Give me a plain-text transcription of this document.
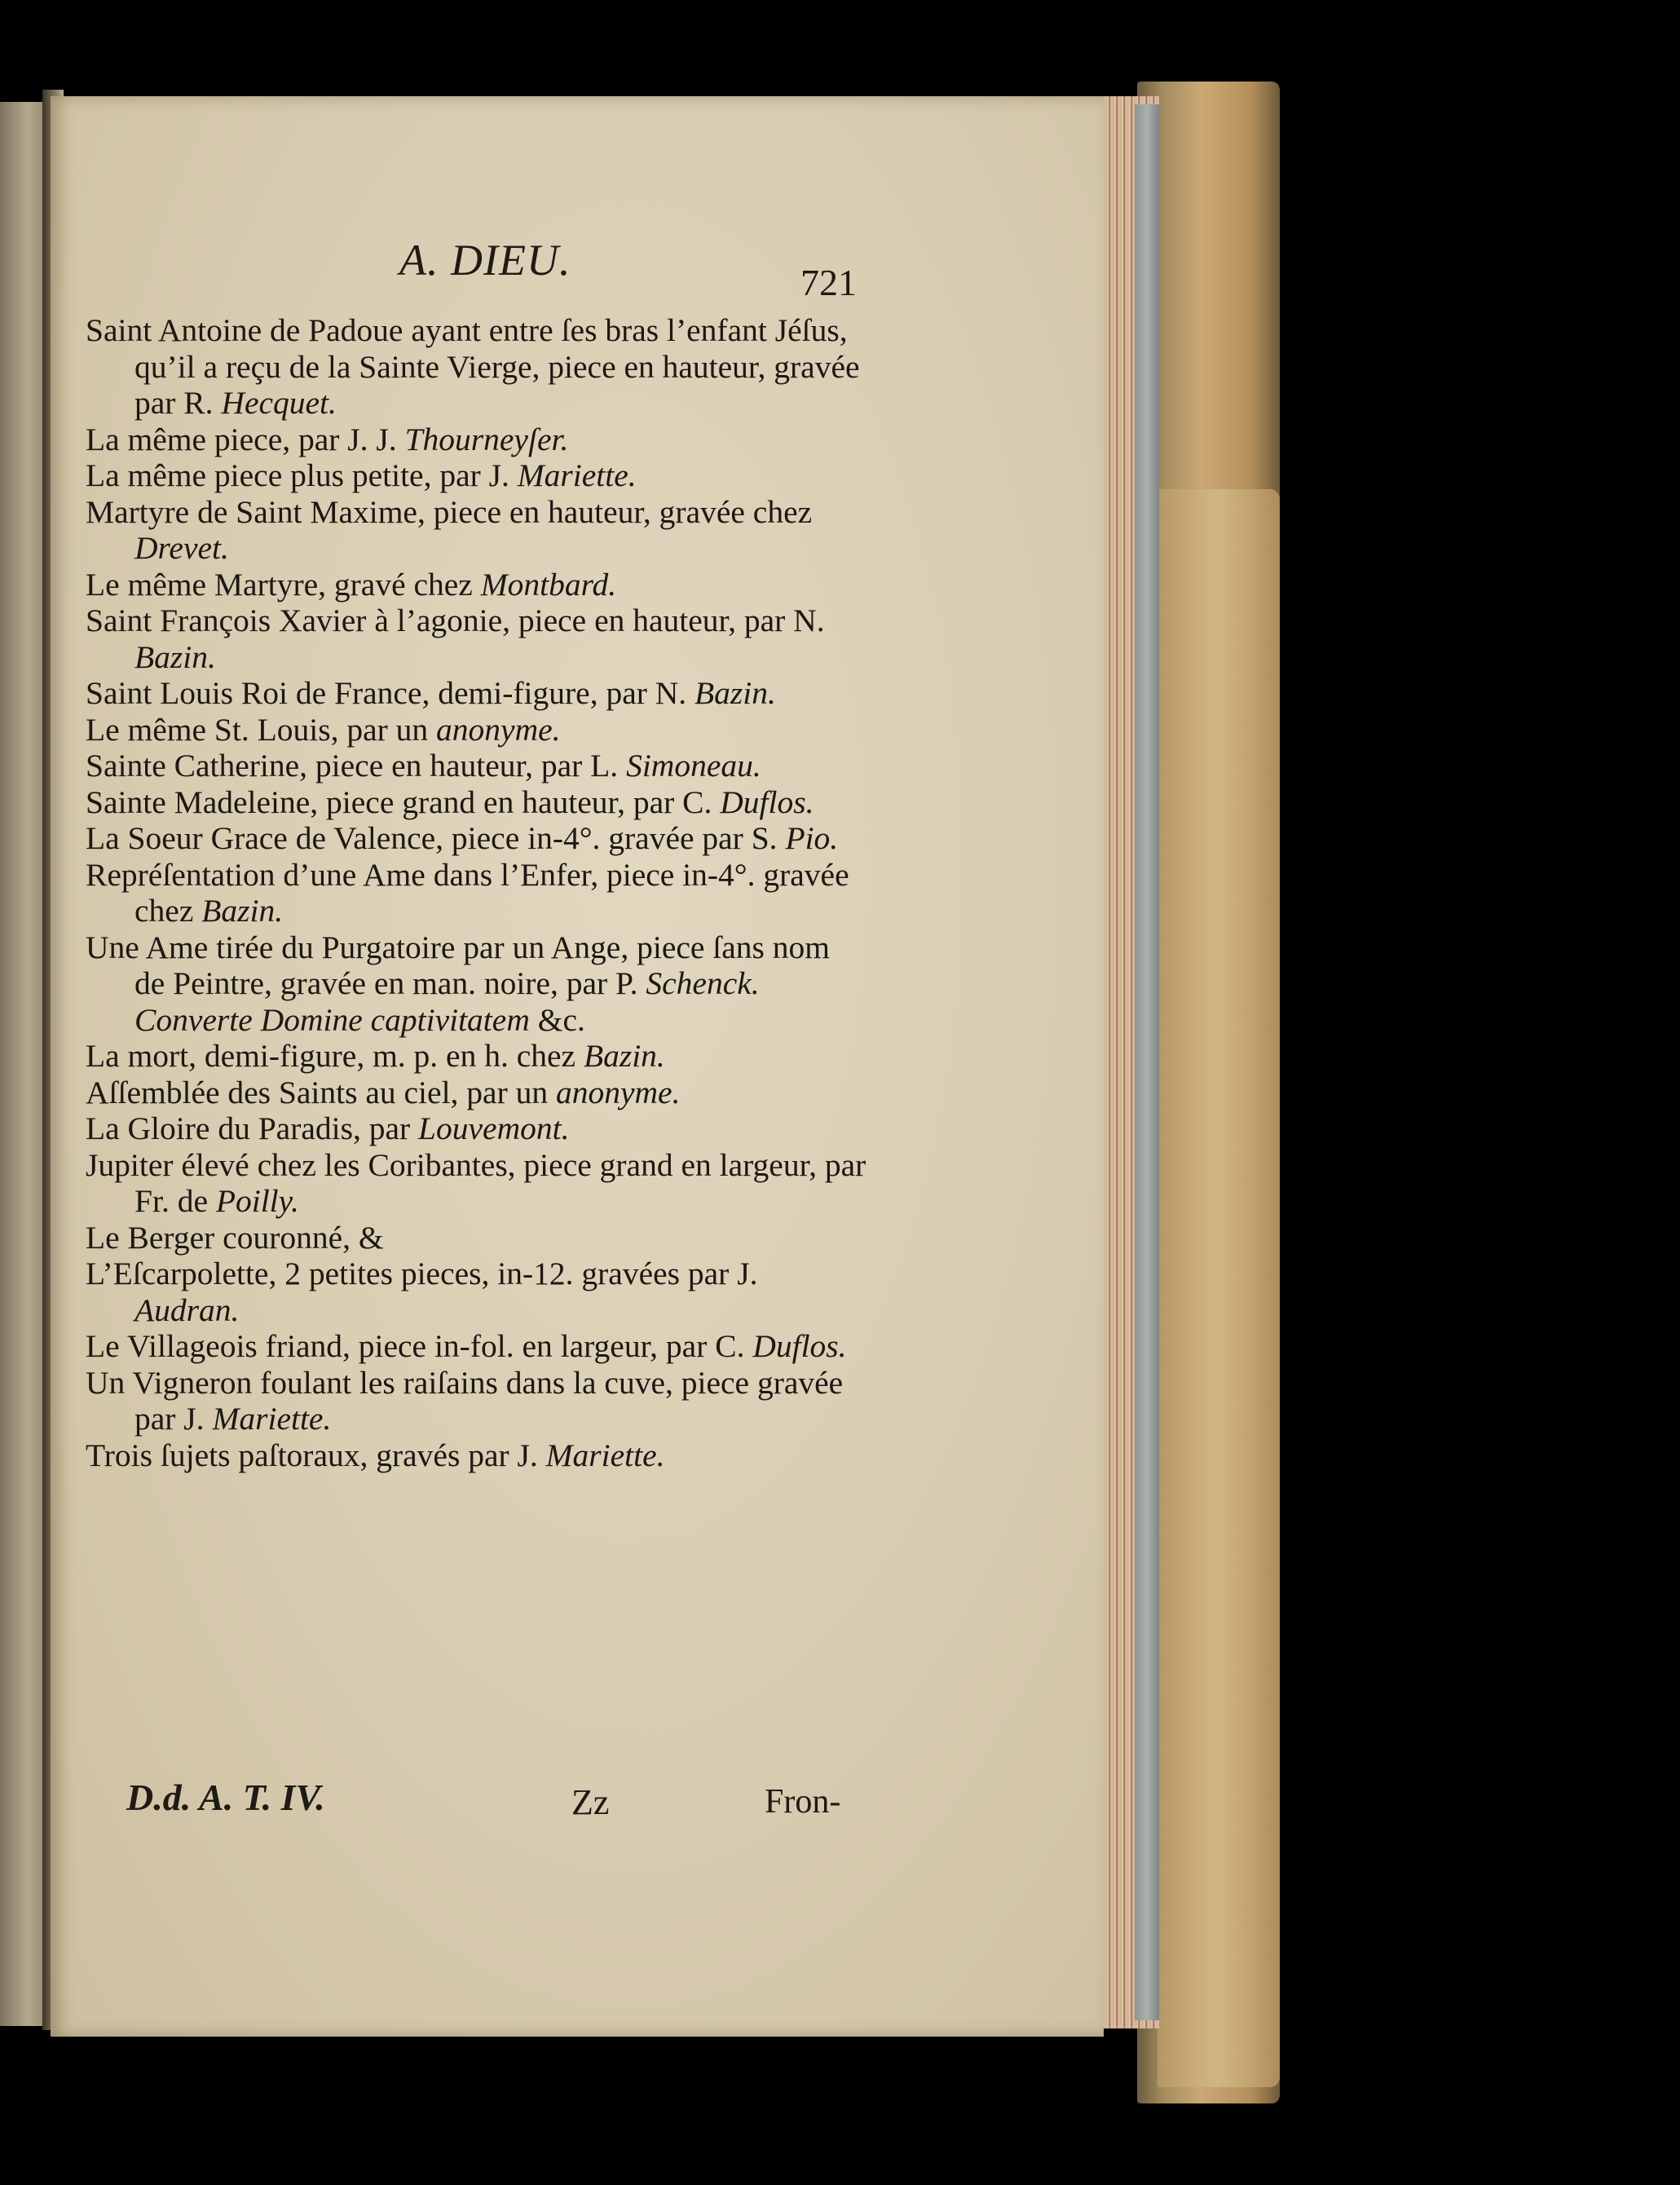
A. DIEU.	721
Saint Antoine de Padoue ayant entre ſes bras l’enfant Jéſus, qu’il a reçu de la Sainte Vierge, piece en hauteur, gravée par R. Hecquet.
La même piece, par J. J. Thourneyſer.
La même piece plus petite, par J. Mariette.
Martyre de Saint Maxime, piece en hauteur, gravée chez Drevet.
Le même Martyre, gravé chez Montbard.
Saint François Xavier à l’agonie, piece en hauteur, par N. Bazin.
Saint Louis Roi de France, demi-figure, par N. Bazin.
Le même St. Louis, par un anonyme.
Sainte Catherine, piece en hauteur, par L. Simoneau.
Sainte Madeleine, piece grand en hauteur, par C. Duflos.
La Soeur Grace de Valence, piece in-4°. gravée par S. Pio.
Repréſentation d’une Ame dans l’Enfer, piece in-4°. gravée chez Bazin.
Une Ame tirée du Purgatoire par un Ange, piece ſans nom de Peintre, gravée en man. noire, par P. Schenck. Converte Domine captivitatem &c.
La mort, demi-figure, m. p. en h. chez Bazin.
Aſſemblée des Saints au ciel, par un anonyme.
La Gloire du Paradis, par Louvemont.
Jupiter élevé chez les Coribantes, piece grand en largeur, par Fr. de Poilly.
Le Berger couronné, &
L’Eſcarpolette, 2 petites pieces, in-12. gravées par J. Audran.
Le Villageois friand, piece in-fol. en largeur, par C. Duflos.
Un Vigneron foulant les raiſains dans la cuve, piece gravée par J. Mariette.
Trois ſujets paſtoraux, gravés par J. Mariette.
D.d. A. T. IV.	Zz	Fron-
